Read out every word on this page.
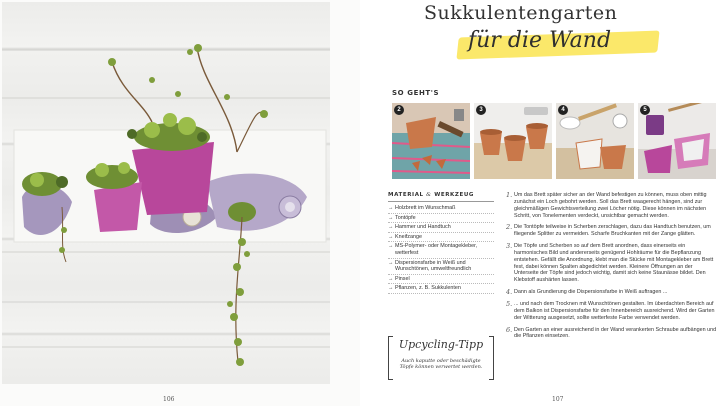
106
Sukkulentengarten
für die Wand
SO GEHT'S
2	3	4	5
MATERIAL & WERKZEUG
→ Holzbrett im Wunschmaß
→ Tontöpfe
→ Hammer und Handtuch
→ Kneifzange
→ MS-Polymer- oder Montagekleber, wetterfest
→ Dispersionsfarbe in Weiß und Wunschtönen, umweltfreundlich
→ Pinsel
→ Pflanzen, z. B. Sukkulenten
Upcycling-Tipp
Auch kaputte oder beschädigte Töpfe können verwertet werden.
1. Um das Brett später sicher an der Wand befestigen zu können, muss oben mittig zunächst ein Loch gebohrt werden. Soll das Brett waagerecht hängen, sind zur gleichmäßigen Gewichtsverteilung zwei Löcher nötig. Diese können im nächsten Schritt, von Tonelementen verdeckt, unsichtbar gemacht werden.
2. Die Tontöpfe teilweise in Scherben zerschlagen, dazu das Handtuch benutzen, um fliegende Splitter zu vermeiden. Scharfe Bruchkanten mit der Zange glätten.
3. Die Töpfe und Scherben so auf dem Brett anordnen, dass einerseits ein harmonisches Bild und andererseits genügend Hohlräume für die Bepflanzung entstehen. Gefällt die Anordnung, klebt man die Stücke mit Montagekleber am Brett fest, dabei können Spalten abgedichtet werden. Kleinere Öffnungen an der Unterseite der Töpfe sind jedoch wichtig, damit sich keine Staunässe bildet. Den Klebstoff aushärten lassen.
4. Dann als Grundierung die Dispersionsfarbe in Weiß auftragen ...
5. ... und nach dem Trocknen mit Wunschtönen gestalten. Im überdachten Bereich auf dem Balkon ist Dispersionsfarbe für den Innenbereich ausreichend. Wird der Garten der Witterung ausgesetzt, sollte wetterfeste Farbe verwendet werden.
6. Den Garten an einer ausreichend in der Wand verankerten Schraube aufbängen und die Pflanzen einsetzen.
107
